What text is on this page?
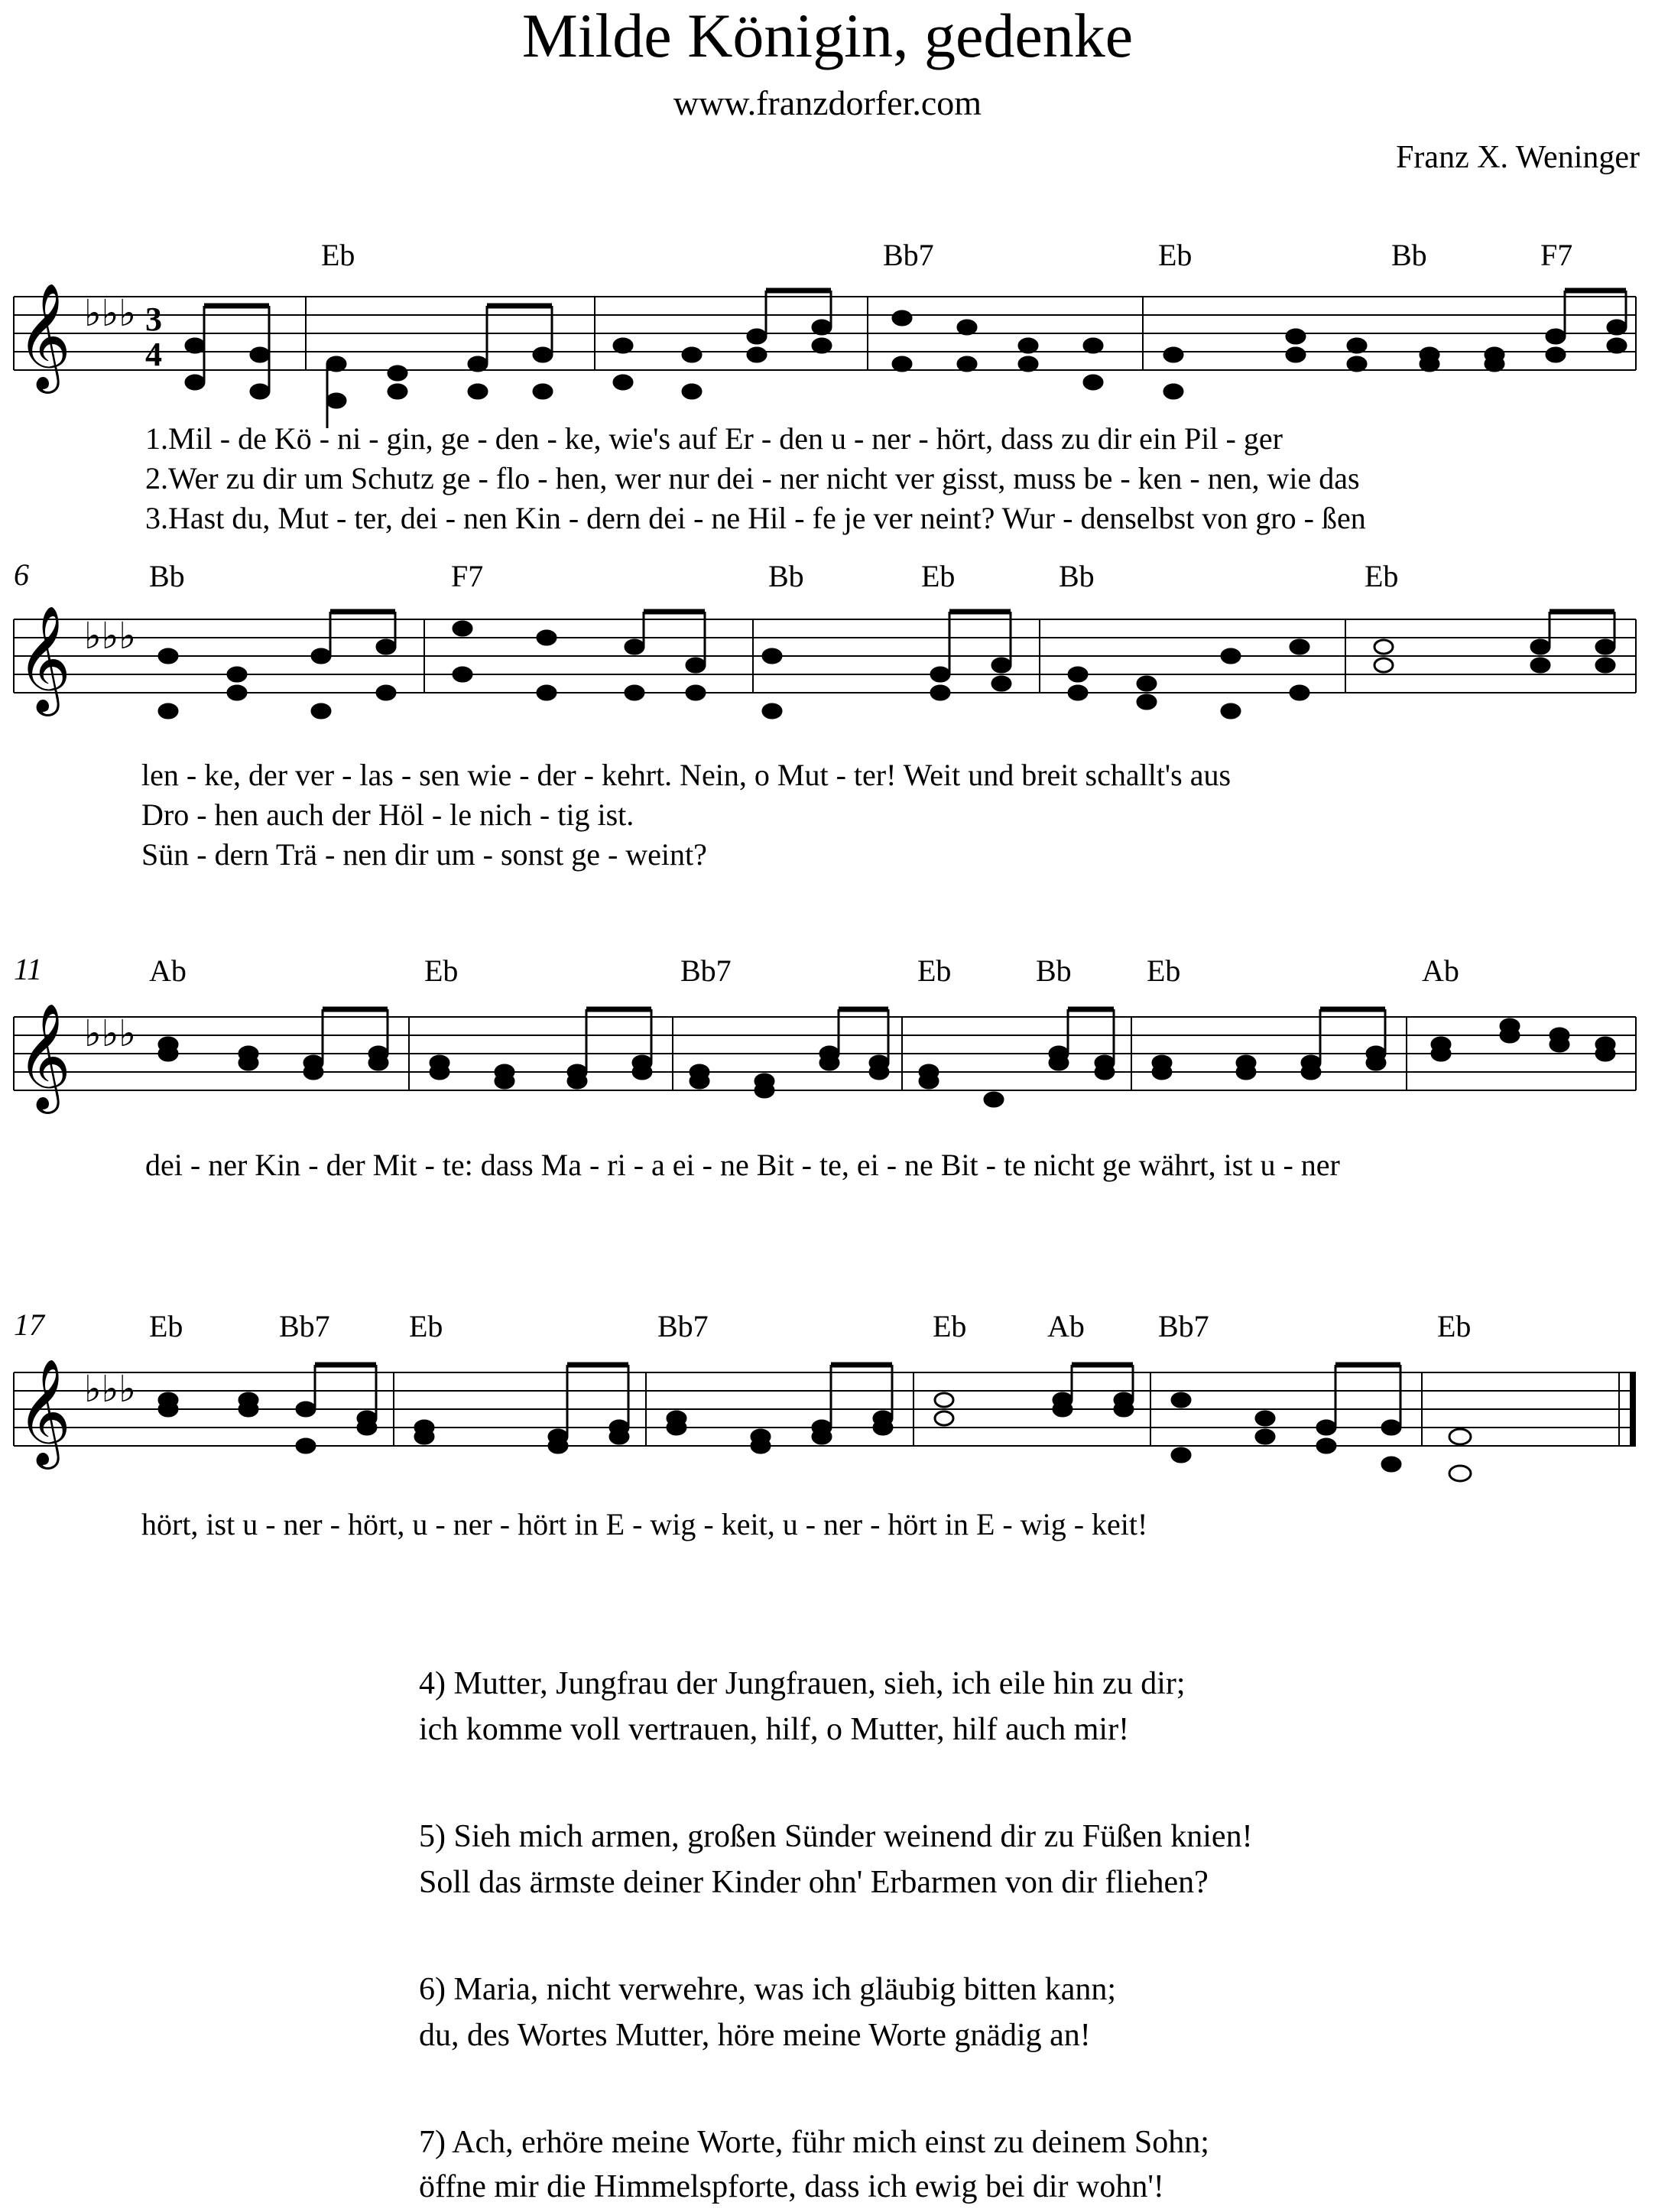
Milde Königin, gedenke
www.franzdorfer.com
Franz X. Weninger
𝄞 ♭♭♭ 3
4
Eb	Bb7	Eb	Bb	F7
1.Mil - de Kö - ni - gin, ge - den - ke, wie's auf Er - den u - ner - hört, dass zu dir ein Pil - ger
2.Wer zu dir um Schutz ge - flo - hen, wer nur dei - ner nicht ver gisst, muss be - ken - nen, wie das
3.Hast du, Mut - ter, dei - nen Kin - dern dei - ne Hil - fe je ver neint? Wur - denselbst von gro - ßen
𝄞 ♭♭♭
6	Bb	F7	Bb	Eb	Bb	Eb
len - ke, der ver - las - sen wie - der - kehrt. Nein, o Mut - ter! Weit und breit schallt's aus
Dro - hen auch der Höl - le nich - tig ist.
Sün - dern Trä - nen dir um - sonst ge - weint?
𝄞 ♭♭♭
11	Ab	Eb	Bb7	Eb	Bb Eb	Ab
dei - ner Kin - der Mit - te: dass Ma - ri - a ei - ne Bit - te, ei - ne Bit - te nicht ge währt, ist u - ner
𝄞 ♭♭♭
17	Eb	Bb7	Eb	Bb7	Eb	Ab Bb7	Eb
hört, ist u - ner - hört, u - ner - hört in E - wig - keit, u - ner - hört in E - wig - keit!
4) Mutter, Jungfrau der Jungfrauen, sieh, ich eile hin zu dir;
ich komme voll vertrauen, hilf, o Mutter, hilf auch mir!
5) Sieh mich armen, großen Sünder weinend dir zu Füßen knien!
Soll das ärmste deiner Kinder ohn' Erbarmen von dir fliehen?
6) Maria, nicht verwehre, was ich gläubig bitten kann;
du, des Wortes Mutter, höre meine Worte gnädig an!
7) Ach, erhöre meine Worte, führ mich einst zu deinem Sohn;
öffne mir die Himmelspforte, dass ich ewig bei dir wohn'!
